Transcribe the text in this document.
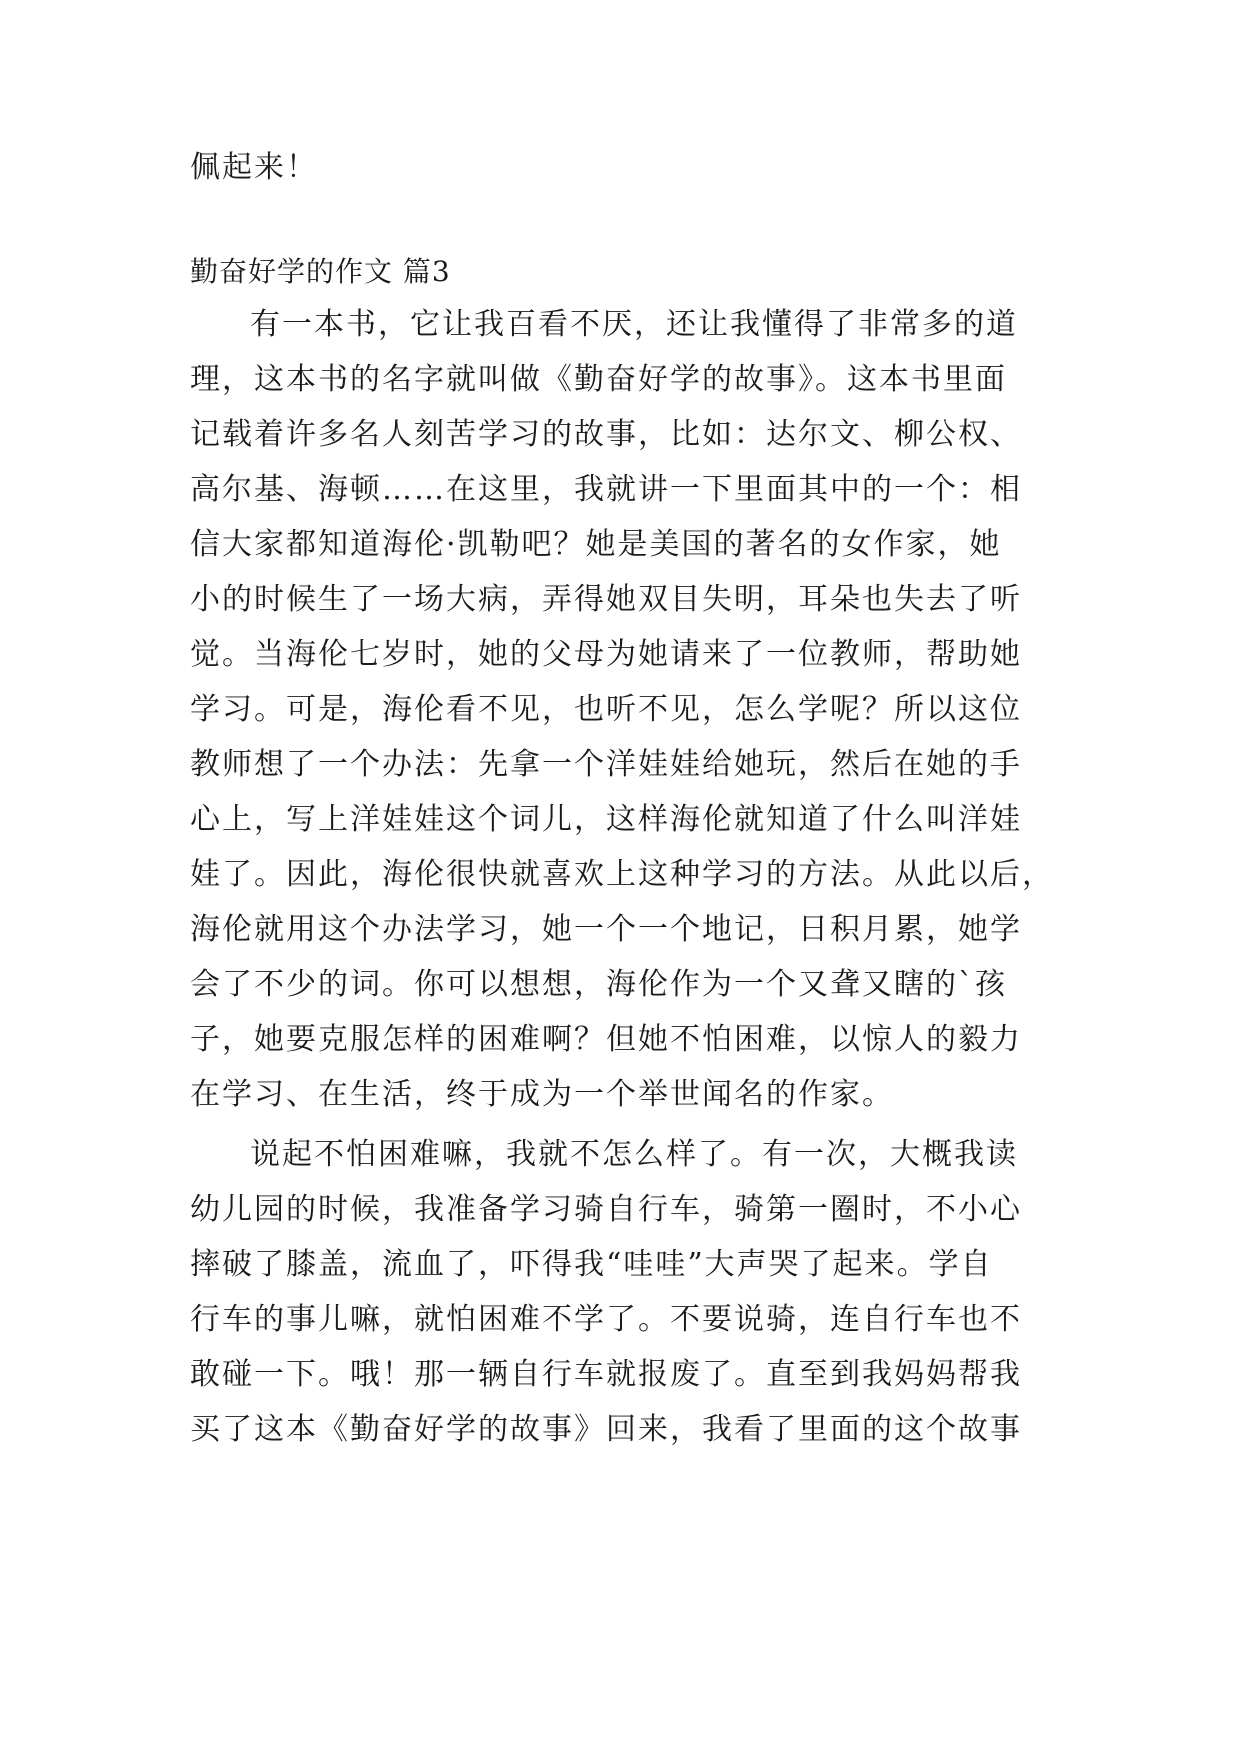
佩起来！
勤奋好学的作文 篇3
有一本书，它让我百看不厌，还让我懂得了非常多的道
理，这本书的名字就叫做《勤奋好学的故事》。这本书里面
记载着许多名人刻苦学习的故事，比如：达尔文、柳公权、
高尔基、海顿……在这里，我就讲一下里面其中的一个：相
信大家都知道海伦·凯勒吧？她是美国的著名的女作家，她
小的时候生了一场大病，弄得她双目失明，耳朵也失去了听
觉。当海伦七岁时，她的父母为她请来了一位教师，帮助她
学习。可是，海伦看不见，也听不见，怎么学呢？所以这位
教师想了一个办法：先拿一个洋娃娃给她玩，然后在她的手
心上，写上洋娃娃这个词儿，这样海伦就知道了什么叫洋娃
娃了。因此，海伦很快就喜欢上这种学习的方法。从此以后，
海伦就用这个办法学习，她一个一个地记，日积月累，她学
会了不少的词。你可以想想，海伦作为一个又聋又瞎的`孩
子，她要克服怎样的困难啊？但她不怕困难，以惊人的毅力
在学习、在生活，终于成为一个举世闻名的作家。
说起不怕困难嘛，我就不怎么样了。有一次，大概我读
幼儿园的时候，我准备学习骑自行车，骑第一圈时，不小心
摔破了膝盖，流血了，吓得我“哇哇”大声哭了起来。学自
行车的事儿嘛，就怕困难不学了。不要说骑，连自行车也不
敢碰一下。哦！那一辆自行车就报废了。直至到我妈妈帮我
买了这本《勤奋好学的故事》回来，我看了里面的这个故事
